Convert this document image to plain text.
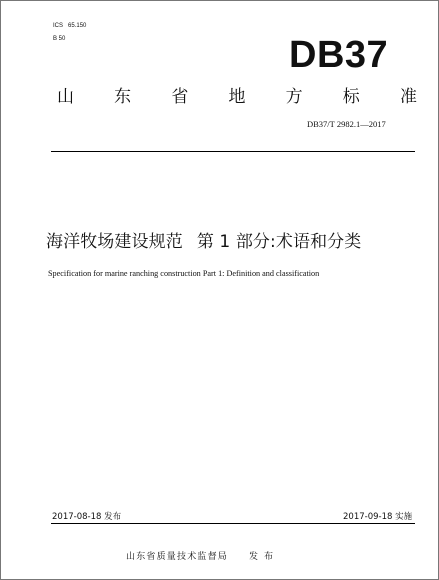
ICS 65.150
B 50	DB37
山 东 省 地 方 标 准
DB37/T 2982.1—2017
海洋牧场建设规范 第 1 部分:术语和分类
Specification for marine ranching construction Part 1: Definition and classification
2017-08-18 发布	2017-09-18 实施
山东省质量技术监督局 发布
